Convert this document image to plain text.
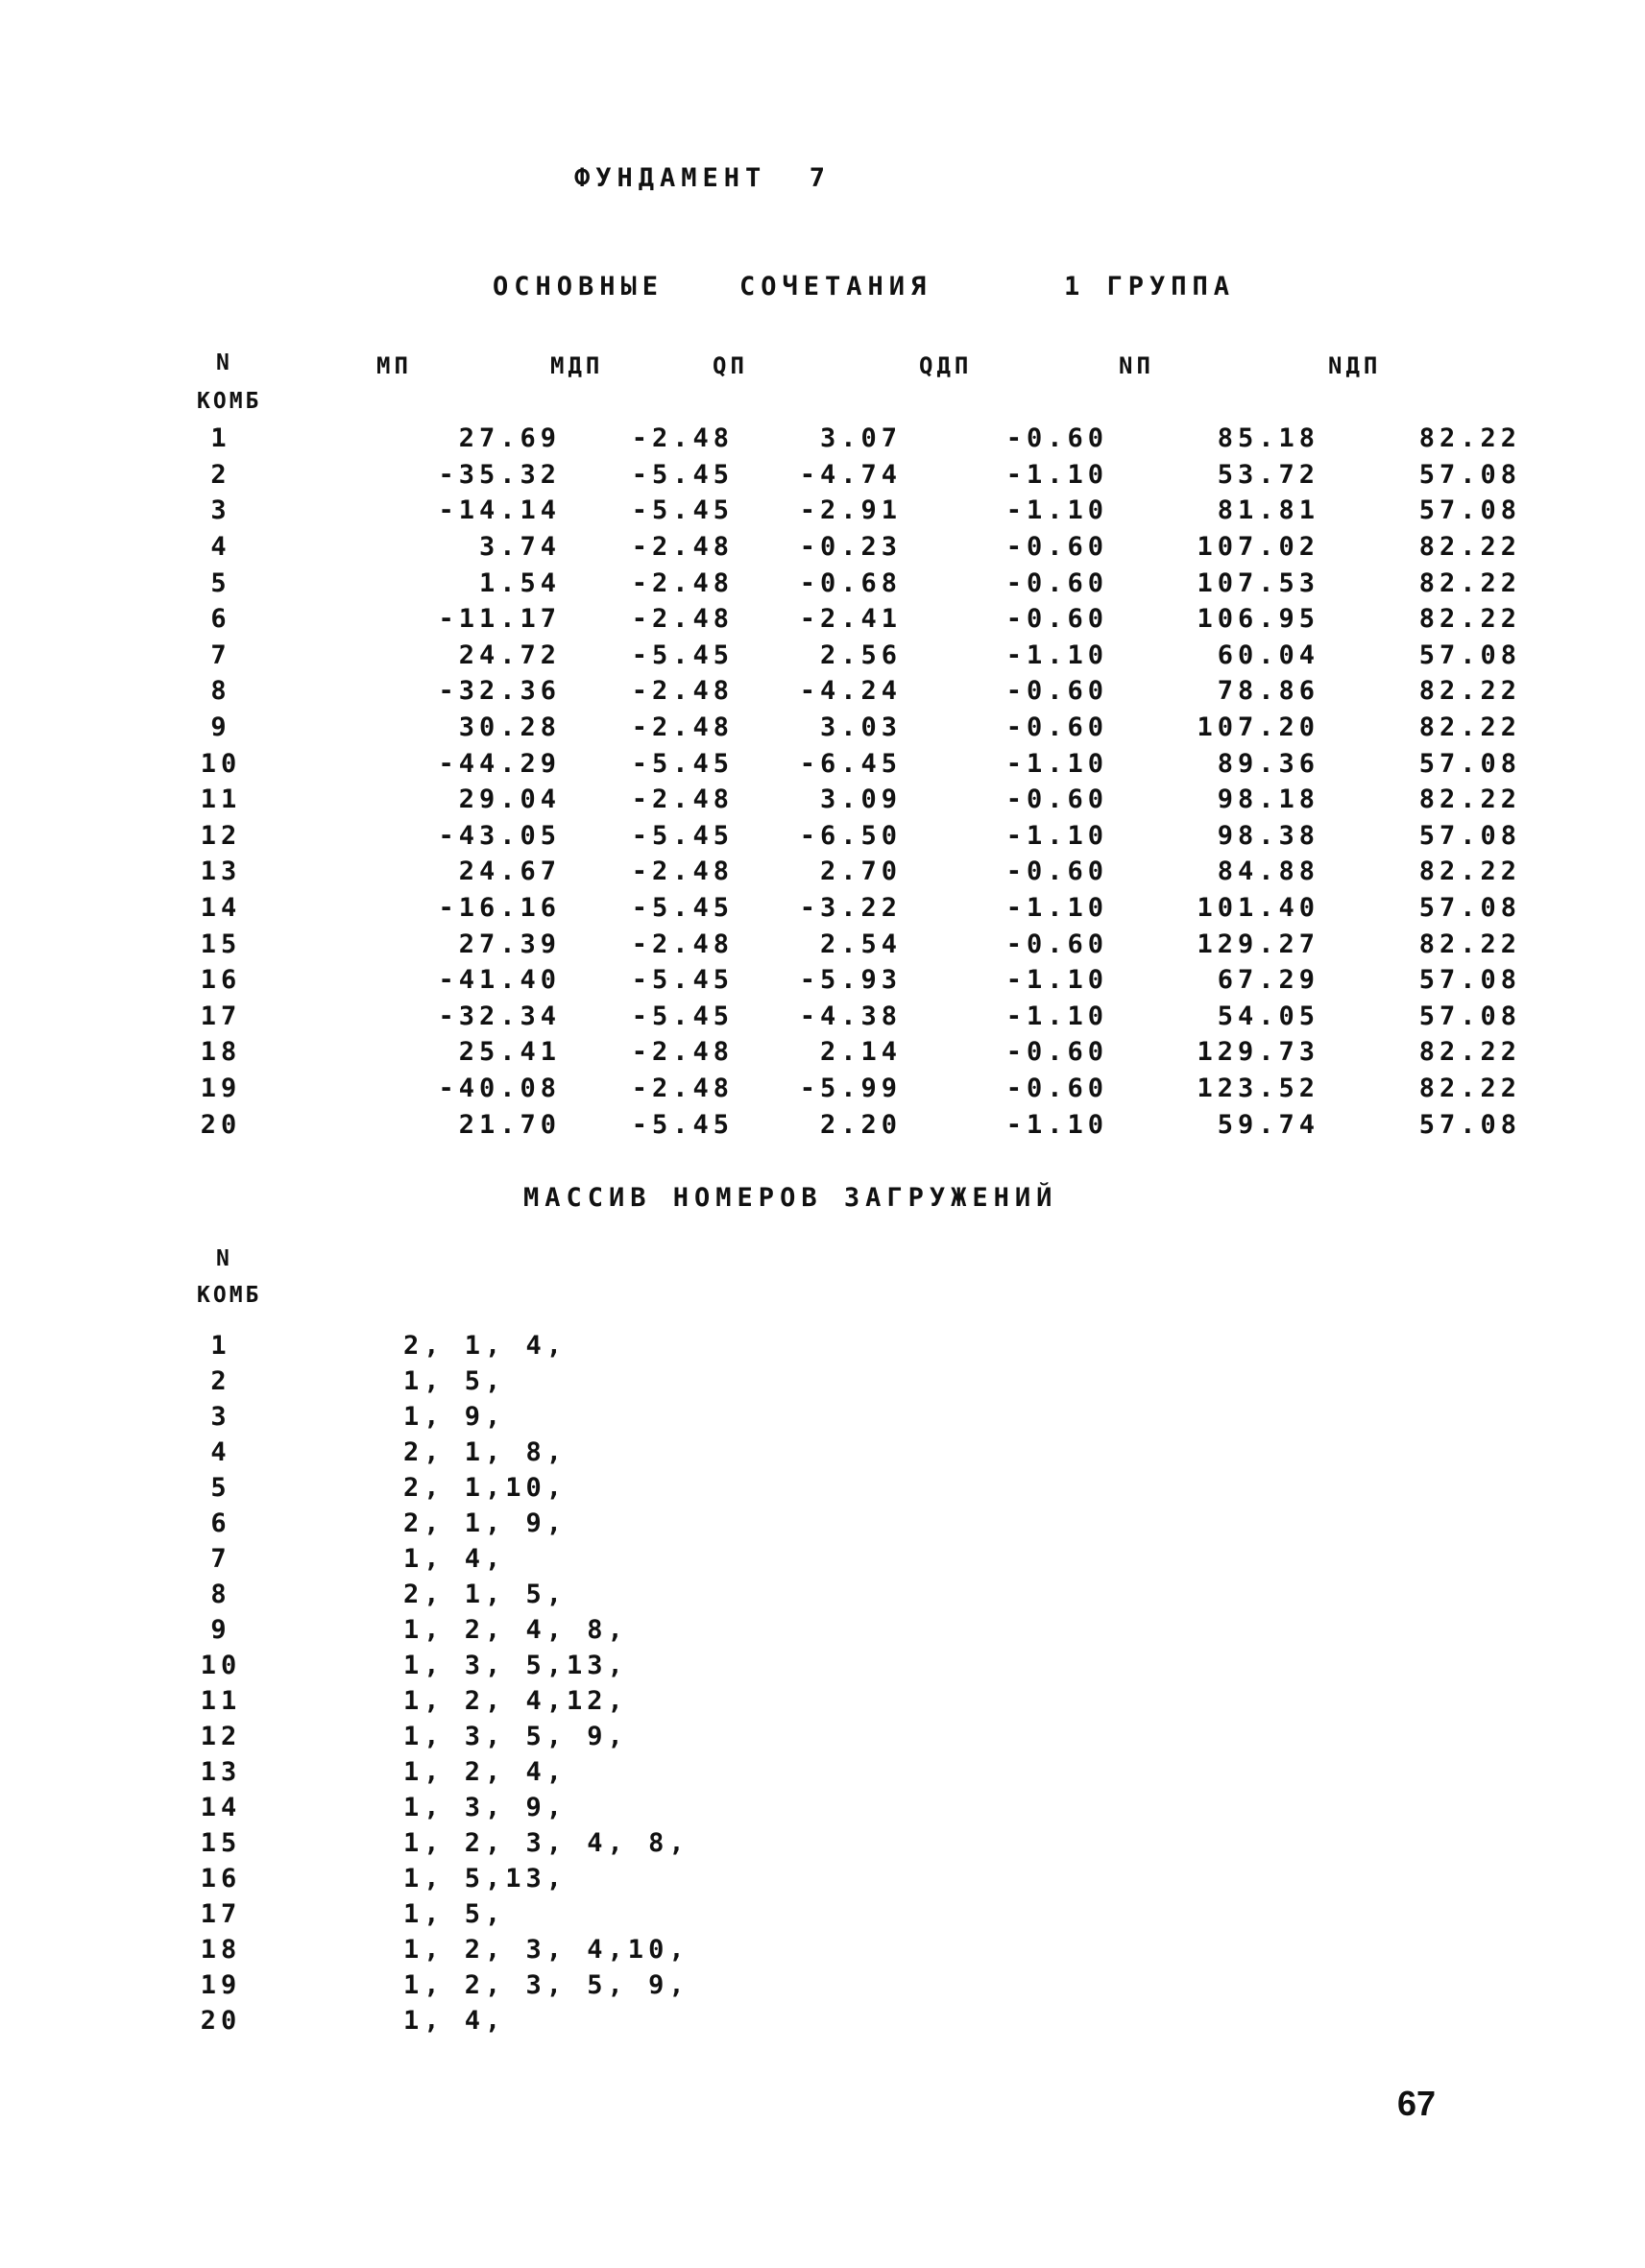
ФУНДАМЕНТ  7
ОСНОВНЫЕ	СОЧЕТАНИЯ	1 ГРУППА
N
КОМБ
МП	МДП	QП	QДП	NП	NДП
1	27.69	-2.48	3.07	-0.60	85.18	82.22
2	-35.32	-5.45	-4.74	-1.10	53.72	57.08
3	-14.14	-5.45	-2.91	-1.10	81.81	57.08
4	3.74	-2.48	-0.23	-0.60	107.02	82.22
5	1.54	-2.48	-0.68	-0.60	107.53	82.22
6	-11.17	-2.48	-2.41	-0.60	106.95	82.22
7	24.72	-5.45	2.56	-1.10	60.04	57.08
8	-32.36	-2.48	-4.24	-0.60	78.86	82.22
9	30.28	-2.48	3.03	-0.60	107.20	82.22
10	-44.29	-5.45	-6.45	-1.10	89.36	57.08
11	29.04	-2.48	3.09	-0.60	98.18	82.22
12	-43.05	-5.45	-6.50	-1.10	98.38	57.08
13	24.67	-2.48	2.70	-0.60	84.88	82.22
14	-16.16	-5.45	-3.22	-1.10	101.40	57.08
15	27.39	-2.48	2.54	-0.60	129.27	82.22
16	-41.40	-5.45	-5.93	-1.10	67.29	57.08
17	-32.34	-5.45	-4.38	-1.10	54.05	57.08
18	25.41	-2.48	2.14	-0.60	129.73	82.22
19	-40.08	-2.48	-5.99	-0.60	123.52	82.22
20	21.70	-5.45	2.20	-1.10	59.74	57.08
МАССИВ НОМЕРОВ ЗАГРУЖЕНИЙ
N
КОМБ
1	2, 1, 4,
2	1, 5,
3	1, 9,
4	2, 1, 8,
5	2, 1,10,
6	2, 1, 9,
7	1, 4,
8	2, 1, 5,
9	1, 2, 4, 8,
10	1, 3, 5,13,
11	1, 2, 4,12,
12	1, 3, 5, 9,
13	1, 2, 4,
14	1, 3, 9,
15	1, 2, 3, 4, 8,
16	1, 5,13,
17	1, 5,
18	1, 2, 3, 4,10,
19	1, 2, 3, 5, 9,
20	1, 4,
67
